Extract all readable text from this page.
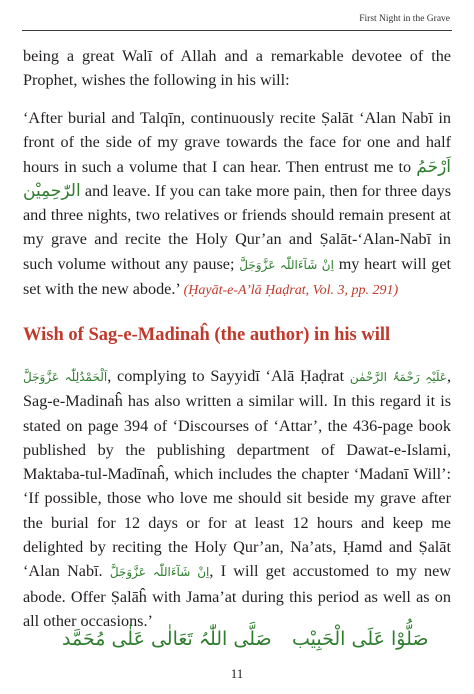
First Night in the Grave

being a great Walī of Allah and a remarkable devotee of the Prophet, wishes the following in his will:

‘After burial and Talqīn, continuously recite Ṣalāt ‘Alan Nabī in front of the side of my grave towards the face for one and half hours in such a volume that I can hear. Then entrust me to اَرْحَمُ الرّٰحِمِیْن and leave. If you can take more pain, then for three days and three nights, two relatives or friends should remain present at my grave and recite the Holy Qur’an and Ṣalāt-‘Alan-Nabī in such volume without any pause; اِنْ شَآءَاللّٰہ عَزَّوَجَلَّ my heart will get set with the new abode.’ (Ḥayāt-e-A’lā Ḥaḍrat, Vol. 3, pp. 291)

Wish of Sag-e-Madinaĥ (the author) in his will

اَلْحَمْدُلِلّٰہ عَزَّوَجَلَّ, complying to Sayyidī ‘Alā Ḥaḍrat عَلَیْہِ رَحْمَۃُ الرَّحْمٰن, Sag-e-Madinaĥ has also written a similar will. In this regard it is stated on page 394 of ‘Discourses of ‘Attar’, the 436-page book published by the publishing department of Dawat-e-Islami, Maktaba-tul-Madīnaĥ, which includes the chapter ‘Madanī Will’: ‘If possible, those who love me should sit beside my grave after the burial for 12 days or for at least 12 hours and keep me delighted by reciting the Holy Qur’an, Na’ats, Ḥamd and Ṣalāt ‘Alan Nabī. اِنْ شَآءَاللّٰہ عَزَّوَجَلَّ, I will get accustomed to my new abode. Offer Ṣalāĥ with Jama’at during this period as well as on all other occasions.’

صَلَّی اللّٰہُ تَعَالٰی عَلٰی مُحَمَّد صَلُّوْا عَلَی الْحَبِیْب
11
